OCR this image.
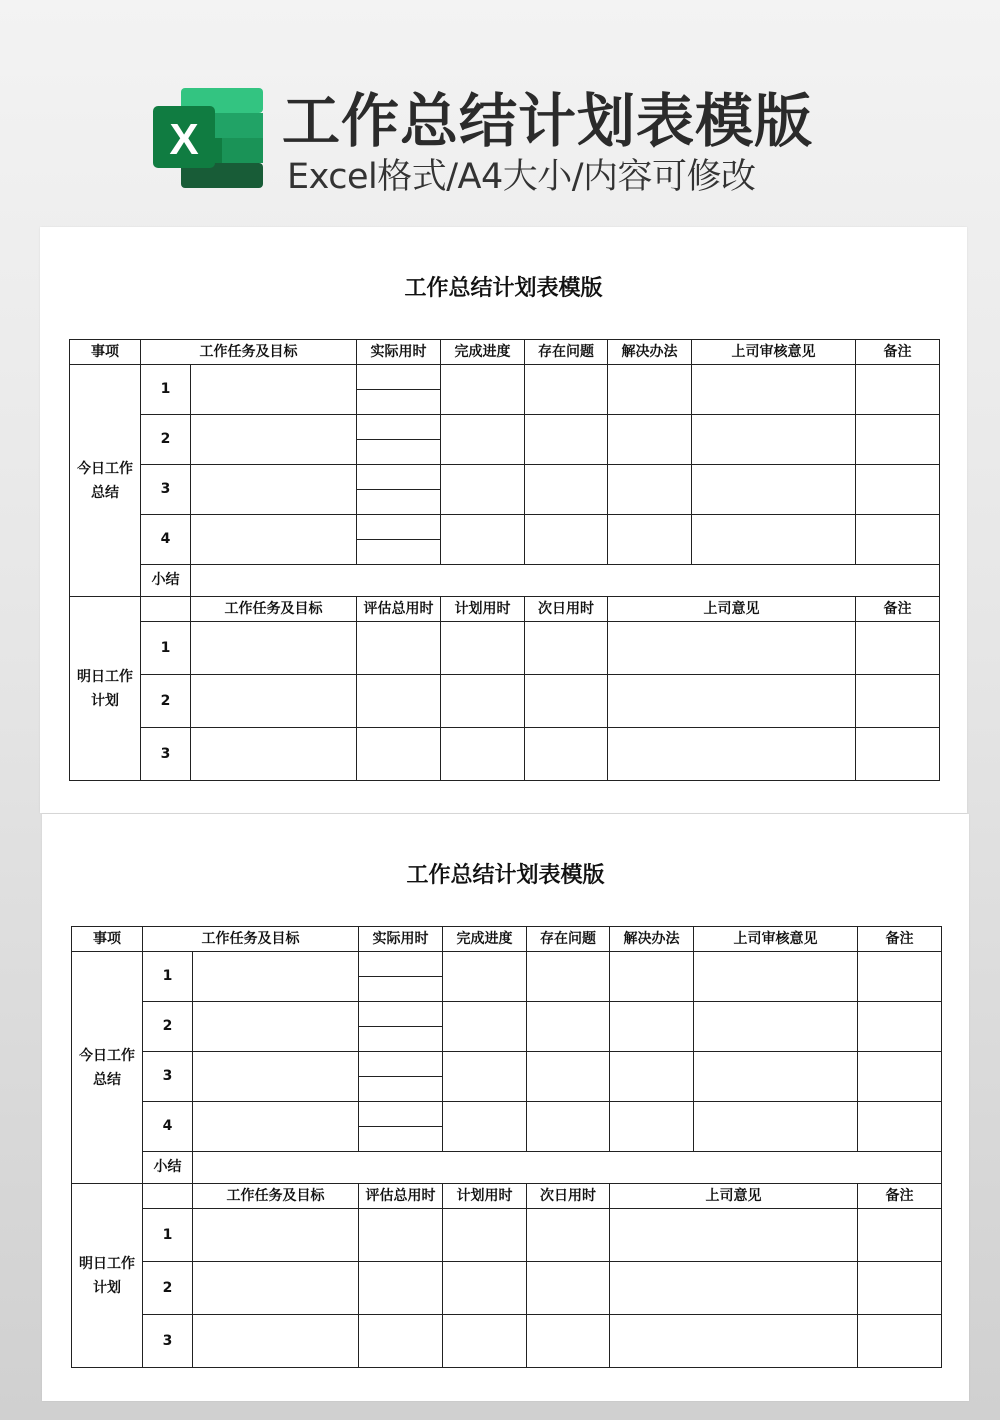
X 工作总结计划表模版

Excel格式/A4大小/内容可修改

工作总结计划表模版
事项	工作任务及目标		实际用时	完成进度	存在问题	解决办法	上司审核意见	备注
今日工作总结	1							

	2							

	3							

	4							

	小结							
明日工作计划		工作任务及目标	评估总用时	计划用时	次日用时	上司意见		备注
	1							
	2							
	3							
工作总结计划表模版
事项	工作任务及目标		实际用时	完成进度	存在问题	解决办法	上司审核意见	备注
今日工作总结	1							

	2							

	3							

	4							

	小结							
明日工作计划		工作任务及目标	评估总用时	计划用时	次日用时	上司意见		备注
	1							
	2							
	3							
